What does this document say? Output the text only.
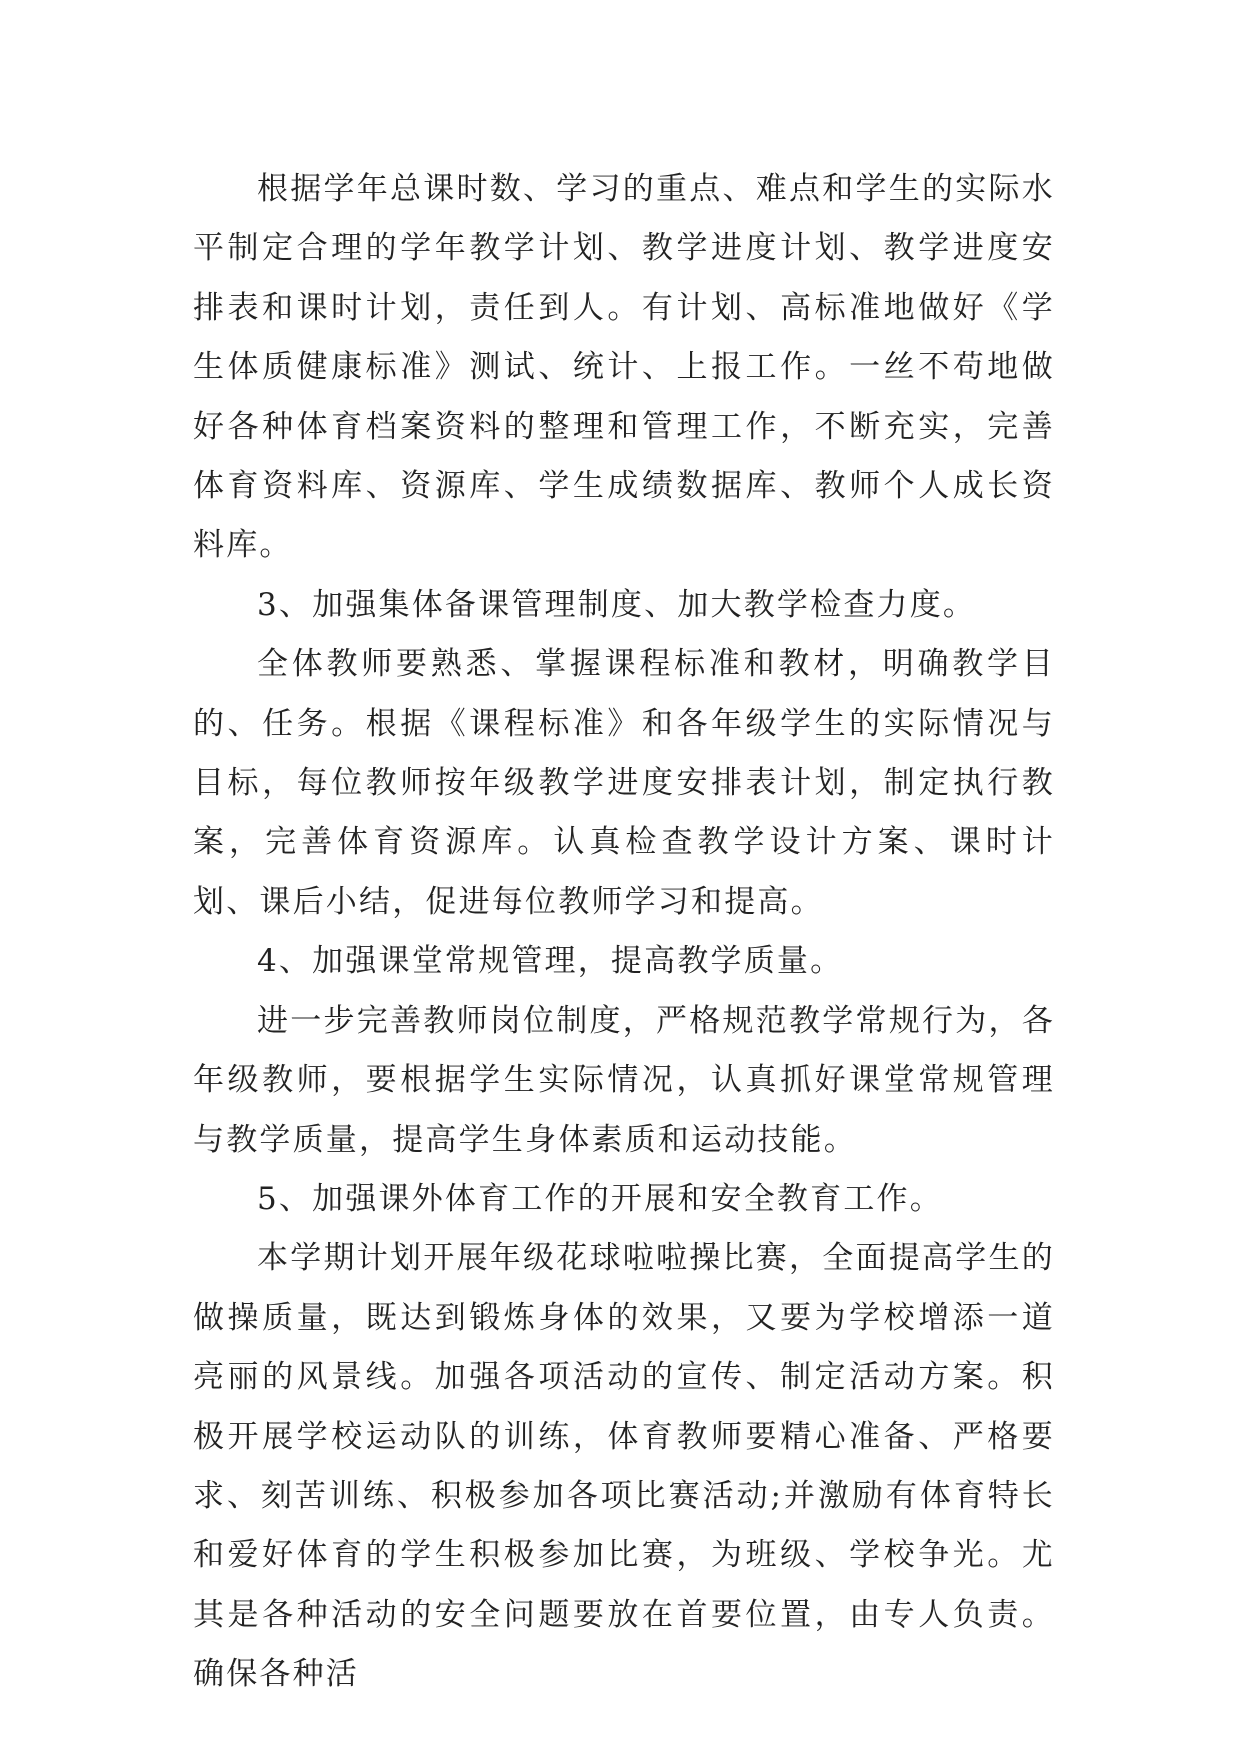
根据学年总课时数、学习的重点、难点和学生的实际水平制定合理的学年教学计划、教学进度计划、教学进度安排表和课时计划，责任到人。有计划、高标准地做好《学生体质健康标准》测试、统计、上报工作。一丝不苟地做好各种体育档案资料的整理和管理工作，不断充实，完善体育资料库、资源库、学生成绩数据库、教师个人成长资料库。

3、加强集体备课管理制度、加大教学检查力度。

全体教师要熟悉、掌握课程标准和教材，明确教学目的、任务。根据《课程标准》和各年级学生的实际情况与目标，每位教师按年级教学进度安排表计划，制定执行教案，完善体育资源库。认真检查教学设计方案、课时计划、课后小结，促进每位教师学习和提高。

4、加强课堂常规管理，提高教学质量。

进一步完善教师岗位制度，严格规范教学常规行为，各年级教师，要根据学生实际情况，认真抓好课堂常规管理与教学质量，提高学生身体素质和运动技能。

5、加强课外体育工作的开展和安全教育工作。

本学期计划开展年级花球啦啦操比赛，全面提高学生的做操质量，既达到锻炼身体的效果，又要为学校增添一道亮丽的风景线。加强各项活动的宣传、制定活动方案。积极开展学校运动队的训练，体育教师要精心准备、严格要求、刻苦训练、积极参加各项比赛活动;并激励有体育特长和爱好体育的学生积极参加比赛，为班级、学校争光。尤其是各种活动的安全问题要放在首要位置，由专人负责。确保各种活
